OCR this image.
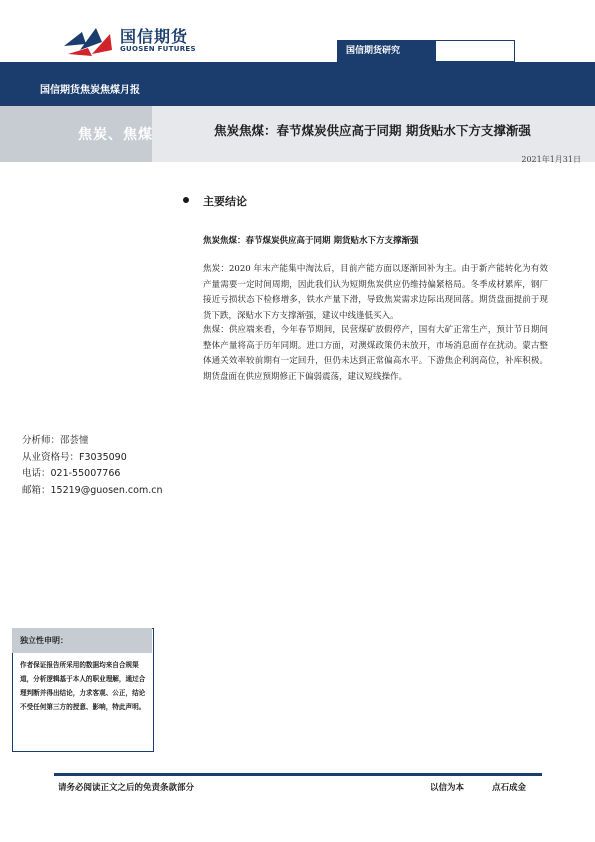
国信期货
GUOSEN FUTURES	国信期货研究
国信期货焦炭焦煤月报
焦炭、焦煤	焦炭焦煤：春节煤炭供应高于同期 期货贴水下方支撑渐强
2021年1月31日
主要结论
焦炭焦煤：春节煤炭供应高于同期 期货贴水下方支撑渐强
焦炭：2020 年末产能集中淘汰后，目前产能方面以逐渐回补为主。由于新产能转化为有效产量需要一定时间周期，因此我们认为短期焦炭供应仍维持偏紧格局。冬季成材累库，钢厂接近亏损状态下检修增多，铁水产量下滑，导致焦炭需求边际出现回落。期货盘面提前于现货下跌，深贴水下方支撑渐强，建议中线逢低买入。
焦煤：供应端来看，今年春节期间，民营煤矿放假停产，国有大矿正常生产，预计节日期间整体产量将高于历年同期。进口方面，对澳煤政策仍未放开，市场消息面存在扰动。蒙古整体通关效率较前期有一定回升，但仍未达到正常偏高水平。下游焦企利润高位，补库积极。期货盘面在供应预期修正下偏弱震荡，建议短线操作。
分析师：邵荟憧
从业资格号：F3035090
电话：021-55007766
邮箱：15219@guosen.com.cn
独立性申明：
作者保证报告所采用的数据均来自合规渠道，分析逻辑基于本人的职业理解，通过合理判断并得出结论，力求客观、公正，结论不受任何第三方的授意、影响，特此声明。
请务必阅读正文之后的免责条款部分	以信为本	点石成金
